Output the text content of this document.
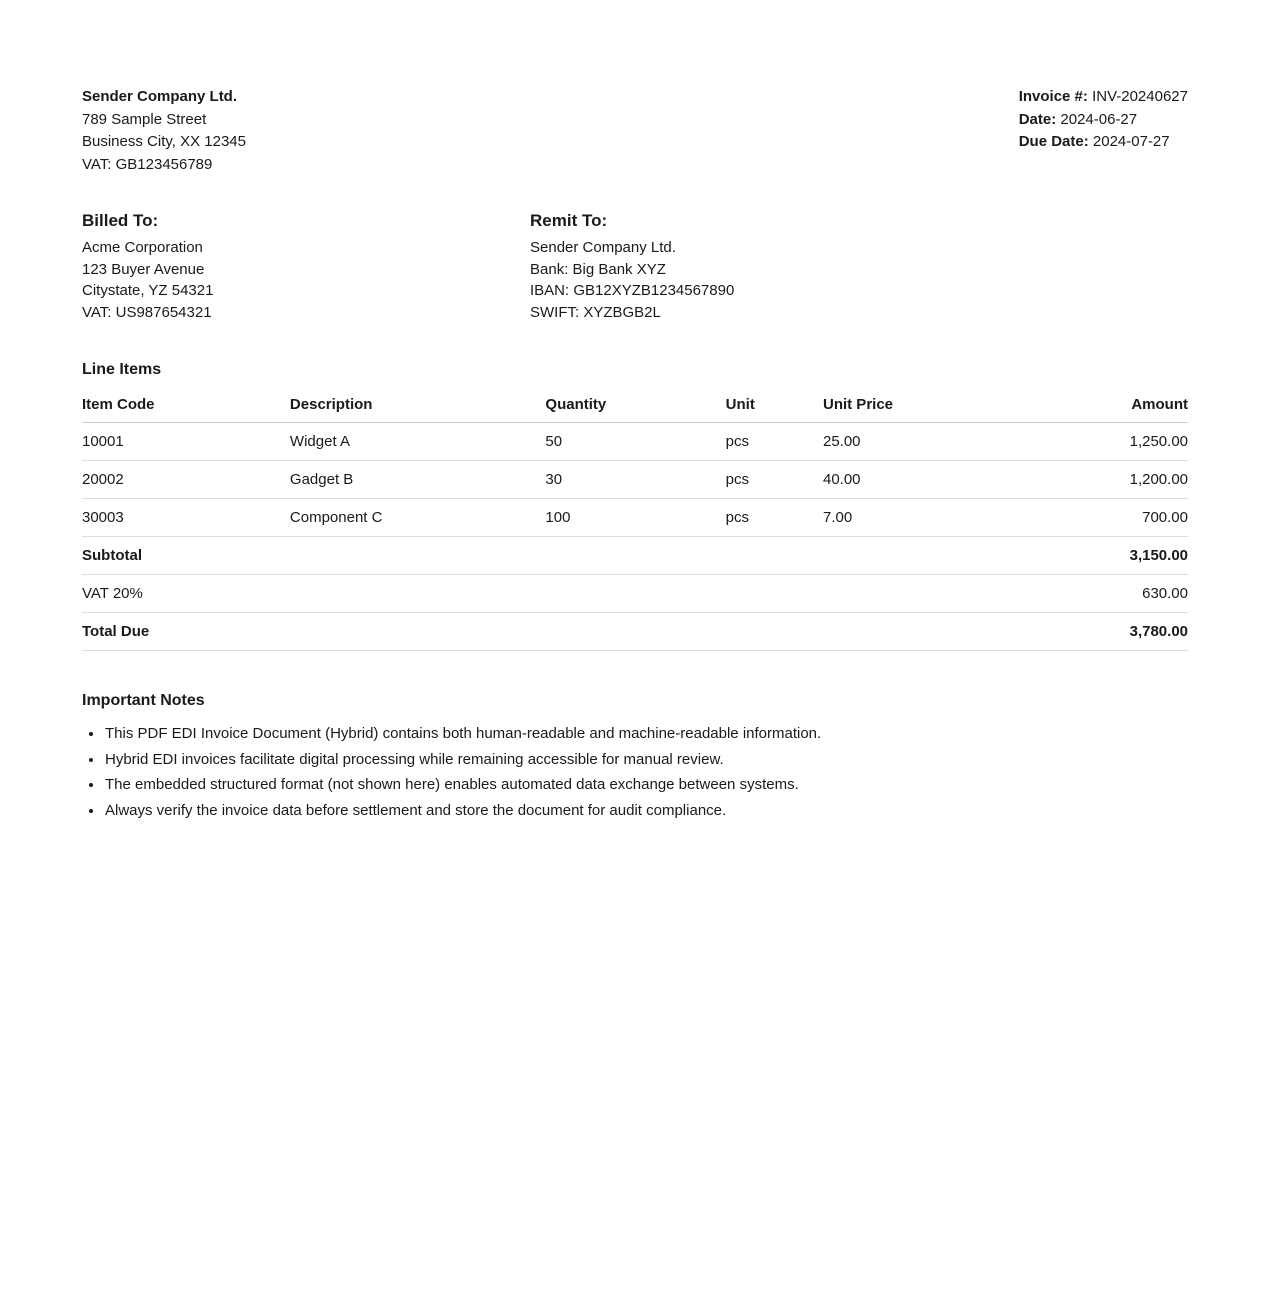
Sender Company Ltd.
789 Sample Street
Business City, XX 12345
VAT: GB123456789
Invoice #: INV-20240627
Date: 2024-06-27
Due Date: 2024-07-27
Billed To:
Acme Corporation
123 Buyer Avenue
Citystate, YZ 54321
VAT: US987654321
Remit To:
Sender Company Ltd.
Bank: Big Bank XYZ
IBAN: GB12XYZB1234567890
SWIFT: XYZBGB2L
Line Items
Item Code	Description	Quantity	Unit	Unit Price	Amount
10001	Widget A	50	pcs	25.00	1,250.00
20002	Gadget B	30	pcs	40.00	1,200.00
30003	Component C	100	pcs	7.00	700.00
Subtotal					3,150.00
VAT 20%					630.00
Total Due					3,780.00
Important Notes
This PDF EDI Invoice Document (Hybrid) contains both human-readable and machine-readable information.
Hybrid EDI invoices facilitate digital processing while remaining accessible for manual review.
The embedded structured format (not shown here) enables automated data exchange between systems.
Always verify the invoice data before settlement and store the document for audit compliance.
